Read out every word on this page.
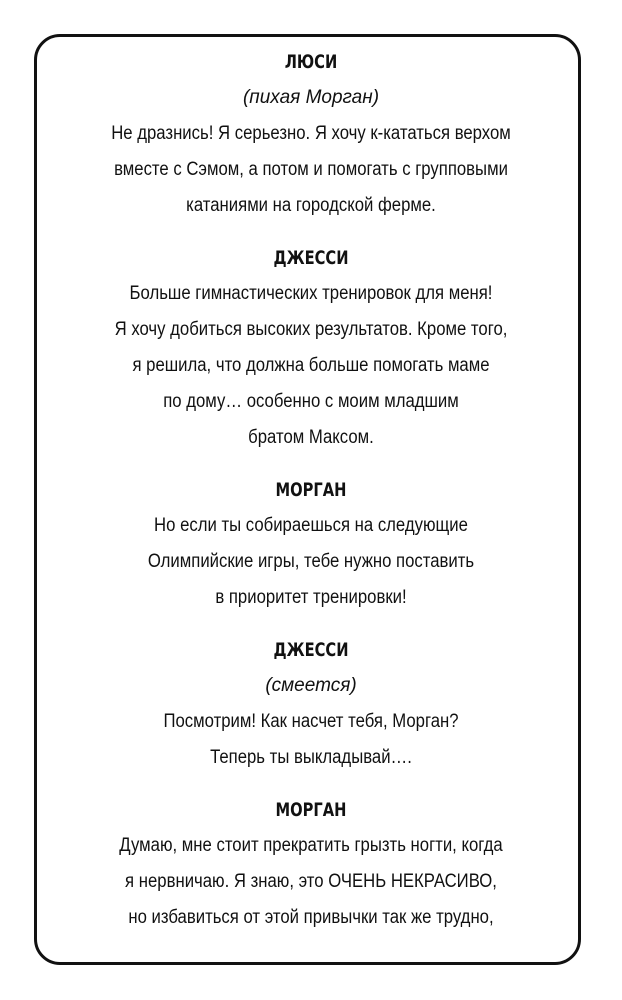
ЛЮСИ
(пихая Морган)
Не дразнись! Я серьезно. Я хочу к-кататься верхом
вместе с Сэмом, а потом и помогать с групповыми
катаниями на городской ферме.
ДЖЕССИ
Больше гимнастических тренировок для меня!
Я хочу добиться высоких результатов. Кроме того,
я решила, что должна больше помогать маме
по дому… особенно с моим младшим
братом Максом.
МОРГАН
Но если ты собираешься на следующие
Олимпийские игры, тебе нужно поставить
в приоритет тренировки!
ДЖЕССИ
(смеется)
Посмотрим! Как насчет тебя, Морган?
Теперь ты выкладывай….
МОРГАН
Думаю, мне стоит прекратить грызть ногти, когда
я нервничаю. Я знаю, это ОЧЕНЬ НЕКРАСИВО,
но избавиться от этой привычки так же трудно,
